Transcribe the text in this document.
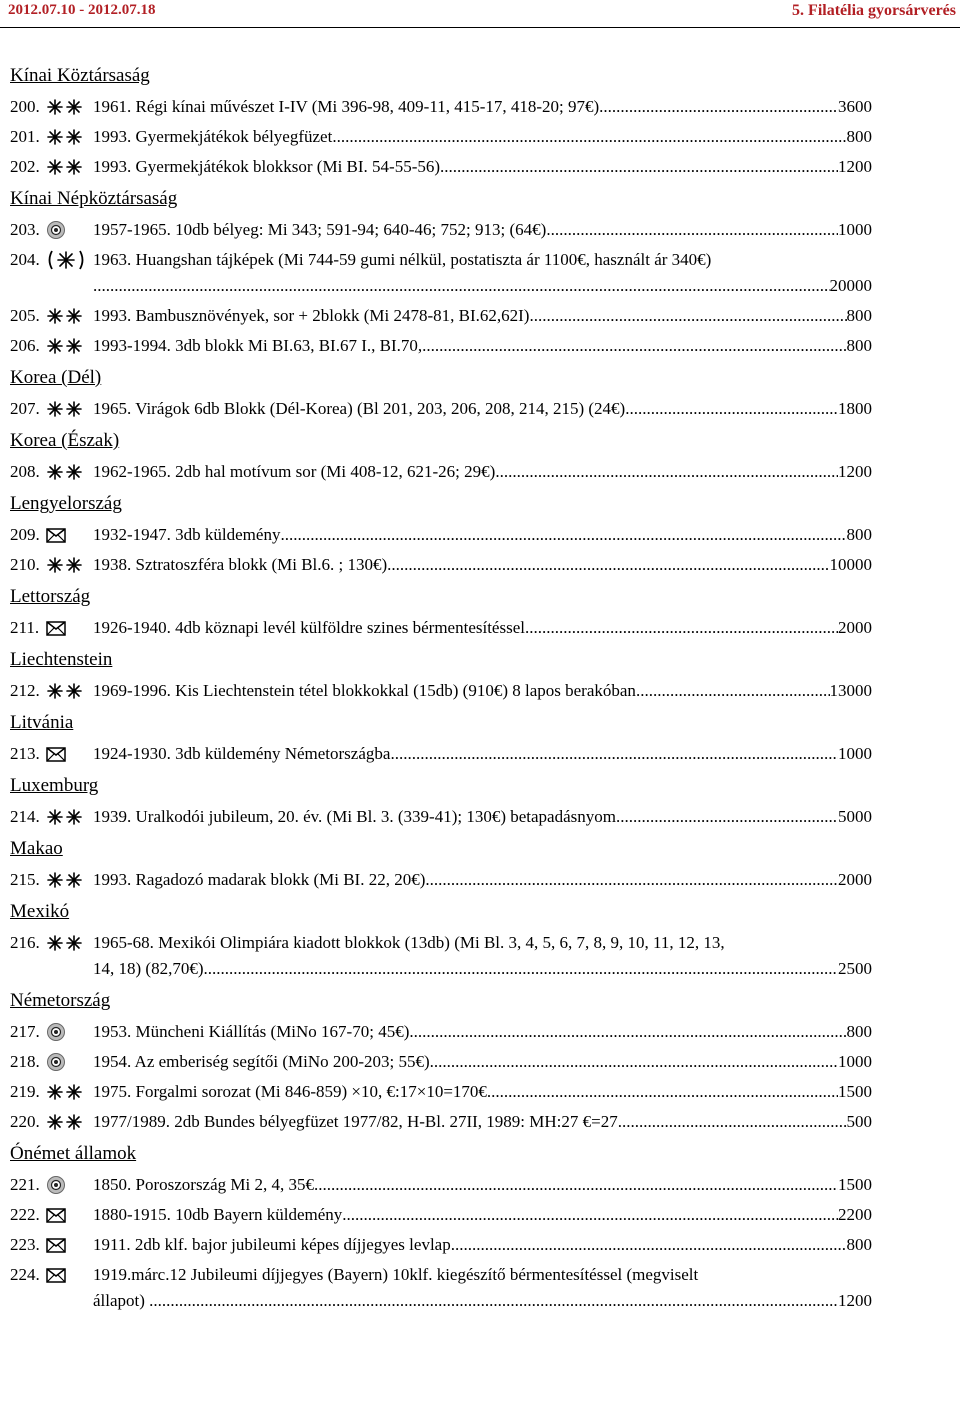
2012.07.10 - 2012.07.18	5. Filatélia gyorsárverés
Kínai Köztársaság
200.	1961. Régi kínai művészet I-IV (Mi 396-98, 409-11, 415-17, 418-20; 97€) .....	3600
201.	1993. Gyermekjátékok bélyegfüzet .....	800
202.	1993. Gyermekjátékok blokksor (Mi BI. 54-55-56) .....	1200
Kínai Népköztársaság
203.	1957-1965. 10db bélyeg: Mi 343; 591-94; 640-46; 752; 913; (64€) .....	1000
204.	1963. Huangshan tájképek (Mi 744-59 gumi nélkül, postatiszta ár 1100€, használt ár 340€)
.... .....	20000
205.	1993. Bambusznövények, sor + 2blokk (Mi 2478-81, BI.62,62I) .....	800
206.	1993-1994. 3db blokk Mi BI.63, BI.67 I., BI.70, .....	800
Korea (Dél)
207.	1965. Virágok 6db Blokk (Dél-Korea) (Bl 201, 203, 206, 208, 214, 215) (24€) .....	1800
Korea (Észak)
208.	1962-1965. 2db hal motívum sor (Mi 408-12, 621-26; 29€) .....	1200
Lengyelország
209.	1932-1947. 3db küldemény .....	800
210.	1938. Sztratoszféra blokk (Mi Bl.6. ; 130€) .....	10000
Lettország
211.	1926-1940. 4db köznapi levél külföldre szines bérmentesítéssel .....	2000
Liechtenstein
212.	1969-1996. Kis Liechtenstein tétel blokkokkal (15db) (910€) 8 lapos berakóban .....	13000
Litvánia
213.	1924-1930. 3db küldemény Németországba .....	1000
Luxemburg
214.	1939. Uralkodói jubileum, 20. év. (Mi Bl. 3. (339-41); 130€) betapadásnyom .....	5000
Makao
215.	1993. Ragadozó madarak blokk (Mi BI. 22, 20€) .....	2000
Mexikó
216.	1965-68. Mexikói Olimpiára kiadott blokkok (13db) (Mi Bl. 3, 4, 5, 6, 7, 8, 9, 10, 11, 12, 13,
14, 18) (82,70€) .....	2500
Németország
217.	1953. Müncheni Kiállítás (MiNo 167-70; 45€) .....	800
218.	1954. Az emberiség segítői (MiNo 200-203; 55€) .....	1000
219.	1975. Forgalmi sorozat (Mi 846-859) ×10, €:17×10=170€ .....	1500
220.	1977/1989. 2db Bundes bélyegfüzet 1977/82, H-Bl. 27II, 1989: MH:27 €=27 .....	500
Ónémet államok
221.	1850. Poroszország Mi 2, 4, 35€ .....	1500
222.	1880-1915. 10db Bayern küldemény .....	2200
223.	1911. 2db klf. bajor jubileumi képes díjjegyes levlap .....	800
224.	1919.márc.12 Jubileumi díjjegyes (Bayern) 10klf. kiegészítő bérmentesítéssel (megviselt
állapot) . .....	1200
